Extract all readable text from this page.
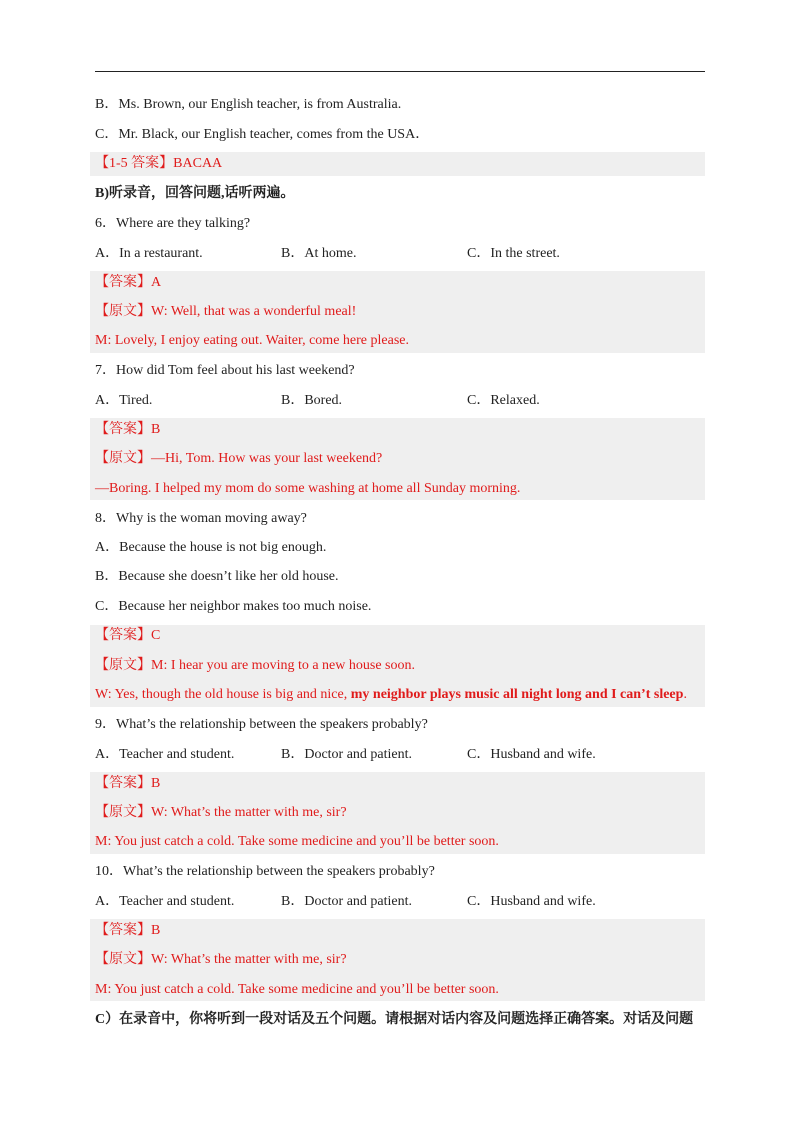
B．Ms. Brown, our English teacher, is from Australia.
C．Mr. Black, our English teacher, comes from the USA．
【1-5 答案】BACAA
B)听录音，回答问题,话听两遍。
6．Where are they talking?
A．In a restaurant.	B．At home.	C．In the street.
【答案】A
【原文】W: Well, that was a wonderful meal!
M: Lovely, I enjoy eating out. Waiter, come here please.
7．How did Tom feel about his last weekend?
A．Tired.	B．Bored.	C．Relaxed.
【答案】B
【原文】—Hi, Tom. How was your last weekend?
—Boring. I helped my mom do some washing at home all Sunday morning.
8．Why is the woman moving away?
A．Because the house is not big enough.
B．Because she doesn’t like her old house.
C．Because her neighbor makes too much noise.
【答案】C
【原文】M: I hear you are moving to a new house soon.
W: Yes, though the old house is big and nice, my neighbor plays music all night long and I can’t sleep.
9．What’s the relationship between the speakers probably?
A．Teacher and student.	B．Doctor and patient.	C．Husband and wife.
【答案】B
【原文】W: What’s the matter with me, sir?
M: You just catch a cold. Take some medicine and you’ll be better soon.
10．What’s the relationship between the speakers probably?
A．Teacher and student.	B．Doctor and patient.	C．Husband and wife.
【答案】B
【原文】W: What’s the matter with me, sir?
M: You just catch a cold. Take some medicine and you’ll be better soon.
C）在录音中，你将听到一段对话及五个问题。请根据对话内容及问题选择正确答案。对话及问题
